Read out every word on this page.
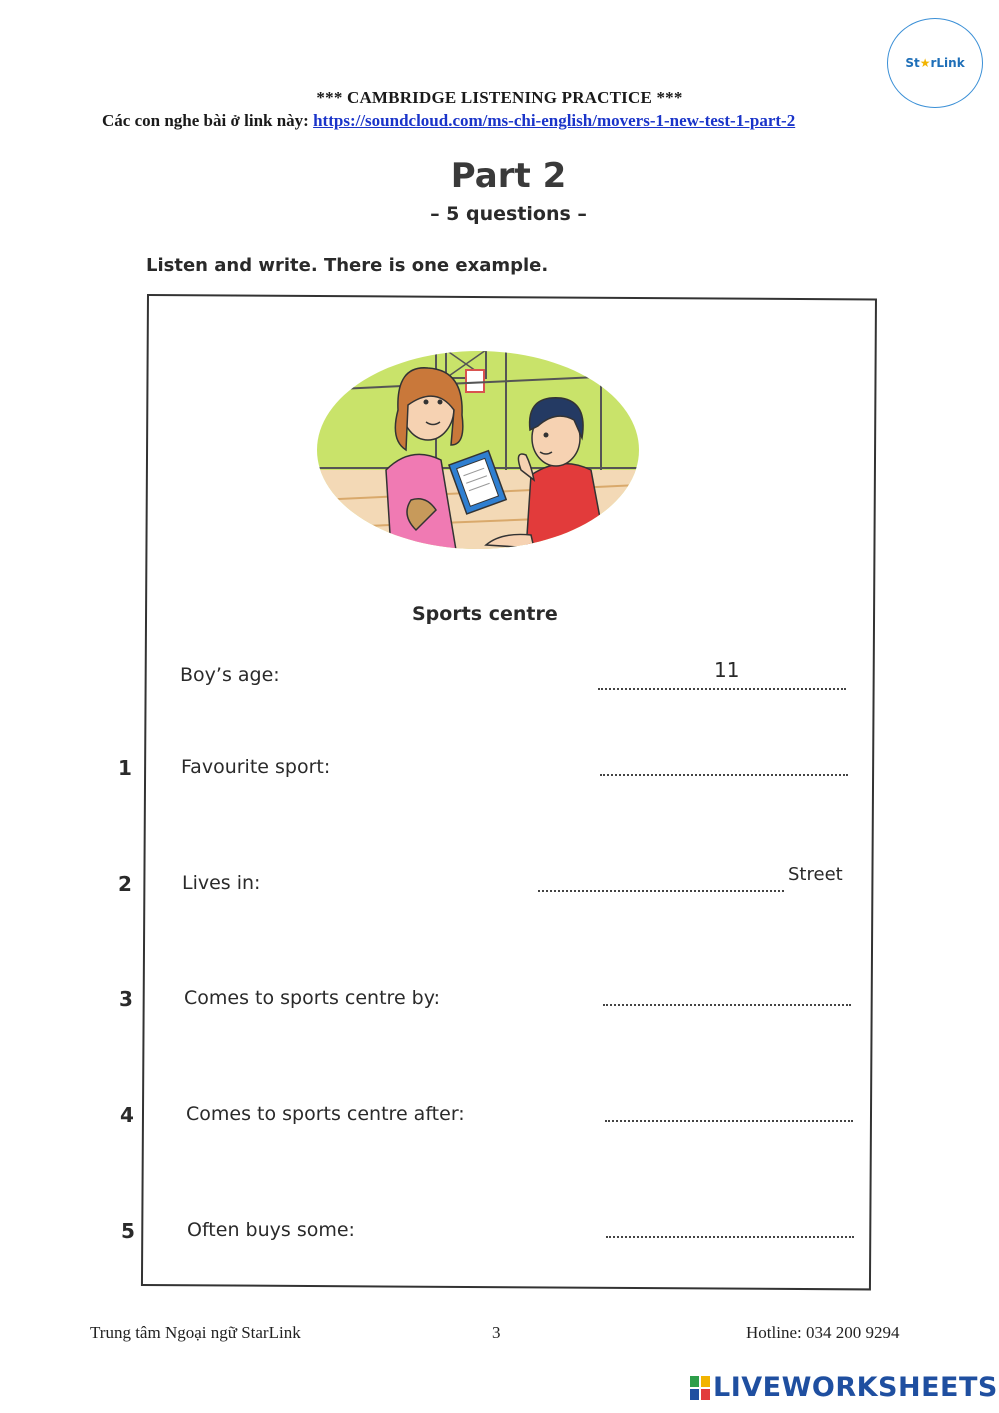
St★rLink
*** CAMBRIDGE LISTENING PRACTICE ***
Các con nghe bài ở link này: https://soundcloud.com/ms-chi-english/movers-1-new-test-1-part-2
Part 2
– 5 questions –
Listen and write. There is one example.
Sports centre
Boy’s age:	11
1	Favourite sport:
2	Lives in:	Street
3	Comes to sports centre by:
4	Comes to sports centre after:
5	Often buys some:
Trung tâm Ngoại ngữ StarLink	3	Hotline: 034 200 9294
LIVEWORKSHEETS
